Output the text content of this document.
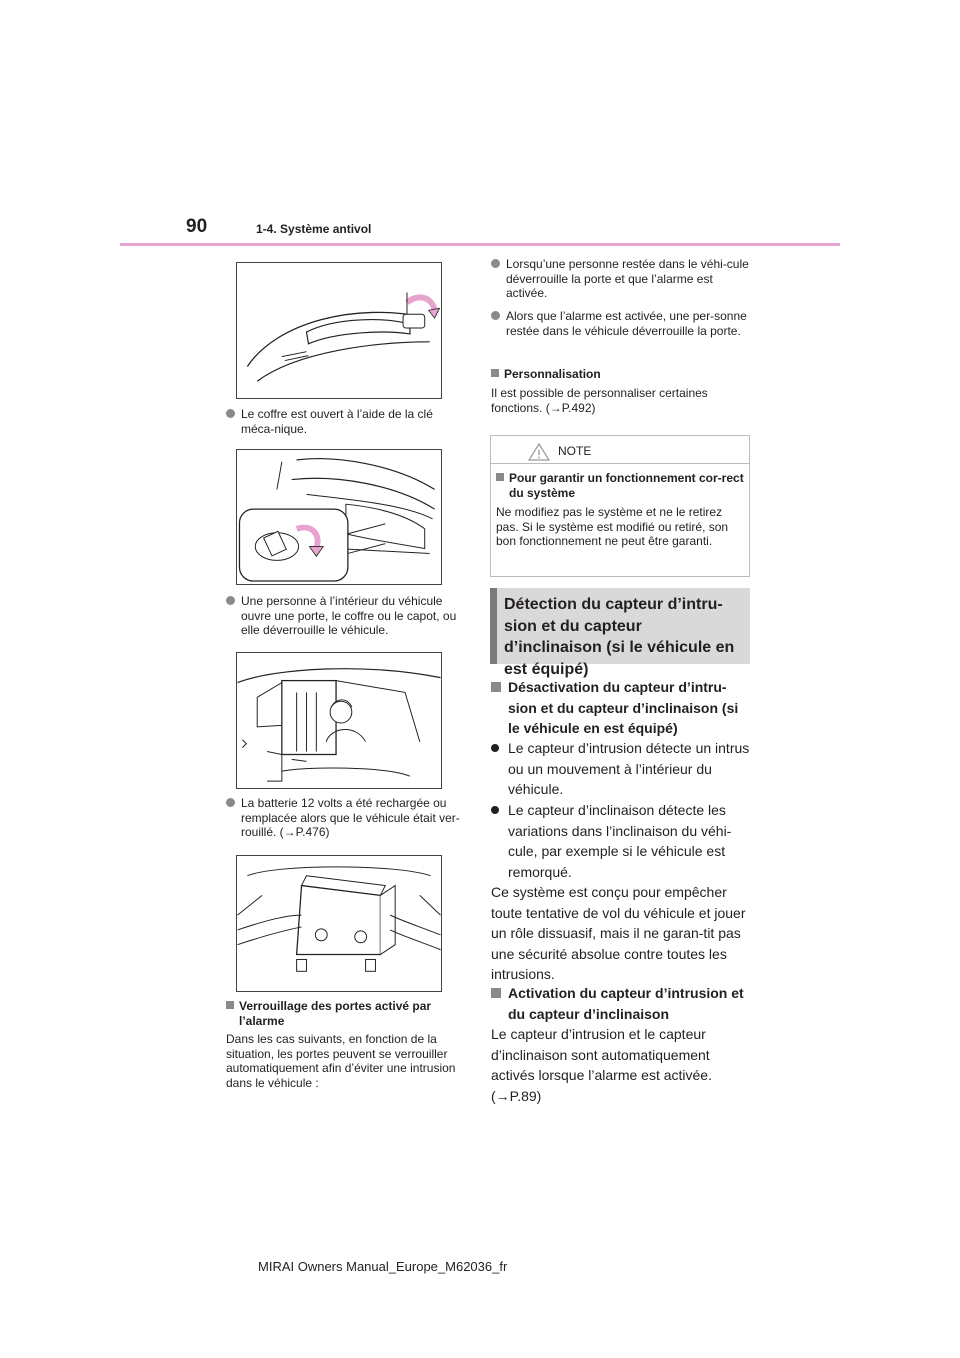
90	1-4. Système antivol
Le coffre est ouvert à l’aide de la clé méca-nique.
Une personne à l’intérieur du véhicule ouvre une porte, le coffre ou le capot, ou elle déverrouille le véhicule.
La batterie 12 volts a été rechargée ou remplacée alors que le véhicule était ver-rouillé. (→P.476)
Verrouillage des portes activé par l’alarme
Dans les cas suivants, en fonction de la situation, les portes peuvent se verrouiller automatiquement afin d’éviter une intrusion dans le véhicule :
Lorsqu’une personne restée dans le véhi-cule déverrouille la porte et que l’alarme est activée.
Alors que l’alarme est activée, une per-sonne restée dans le véhicule déverrouille la porte.
Personnalisation
Il est possible de personnaliser certaines fonctions. (→P.492)
NOTE
Pour garantir un fonctionnement cor-rect du système
Ne modifiez pas le système et ne le retirez pas. Si le système est modifié ou retiré, son bon fonctionnement ne peut être garanti.
Détection du capteur d’intru-sion et du capteur d’inclinaison (si le véhicule en est équipé)
Désactivation du capteur d’intru-sion et du capteur d’inclinaison (si le véhicule en est équipé)
Le capteur d’intrusion détecte un intrus ou un mouvement à l’intérieur du véhicule.
Le capteur d’inclinaison détecte les variations dans l’inclinaison du véhi-cule, par exemple si le véhicule est remorqué.
Ce système est conçu pour empêcher toute tentative de vol du véhicule et jouer un rôle dissuasif, mais il ne garan-tit pas une sécurité absolue contre toutes les intrusions.
Activation du capteur d’intrusion et du capteur d’inclinaison
Le capteur d’intrusion et le capteur d’inclinaison sont automatiquement activés lorsque l’alarme est activée. (→P.89)
MIRAI Owners Manual_Europe_M62036_fr
